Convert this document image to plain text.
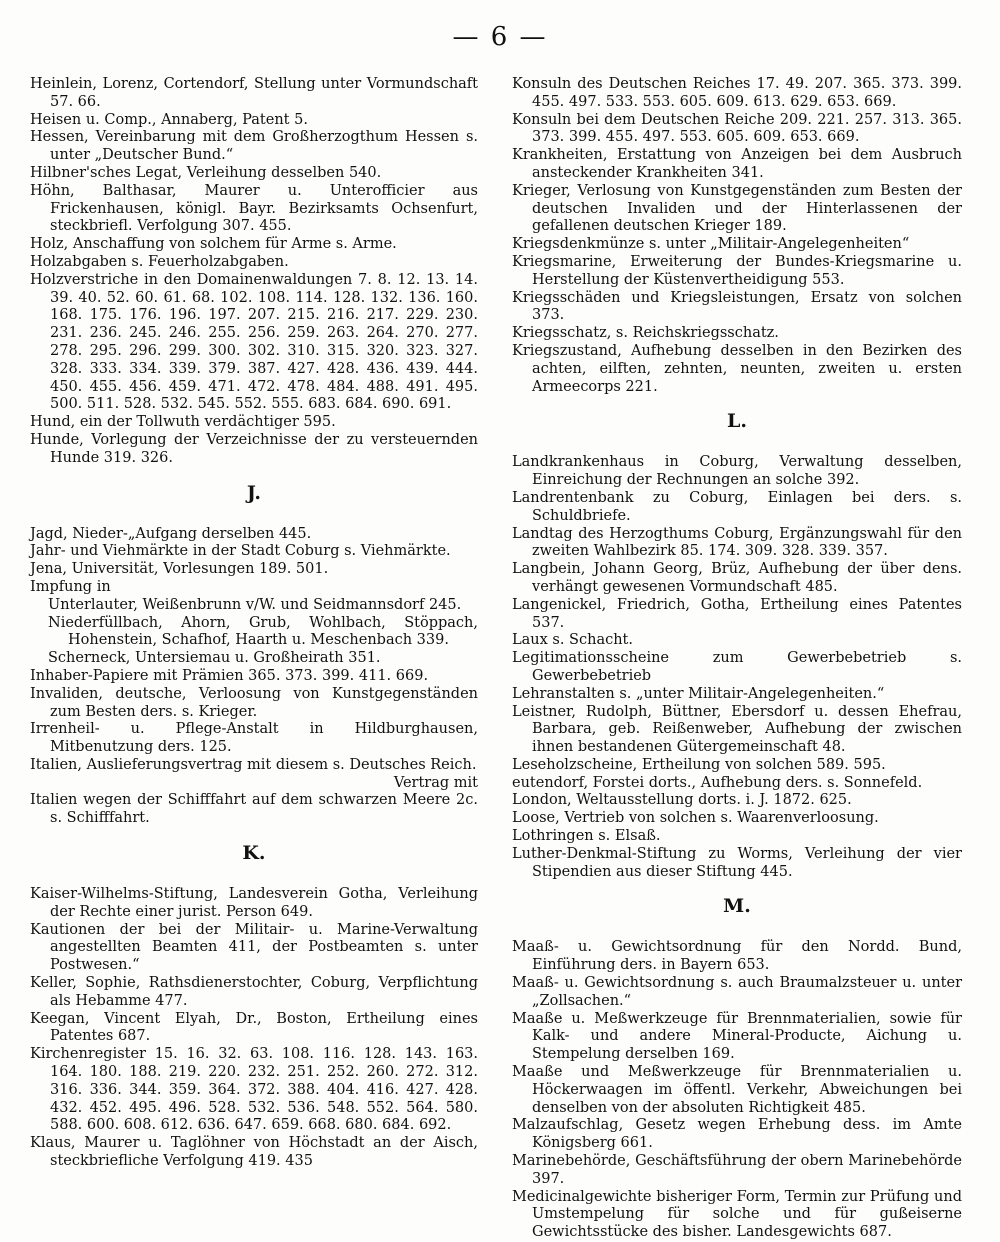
— 6 —

Heinlein, Lorenz, Cortendorf, Stellung unter Vormundschaft 57. 66.

Heisen u. Comp., Annaberg, Patent 5.

Hessen, Vereinbarung mit dem Großherzogthum Hessen s. unter „Deutscher Bund.“

Hilbner'sches Legat, Verleihung desselben 540.

Höhn, Balthasar, Maurer u. Unterofficier aus Frickenhausen, königl. Bayr. Bezirksamts Ochsenfurt, steckbriefl. Verfolgung 307. 455.

Holz, Anschaffung von solchem für Arme s. Arme.

Holzabgaben s. Feuerholzabgaben.

Holzverstriche in den Domainenwaldungen 7. 8. 12. 13. 14. 39. 40. 52. 60. 61. 68. 102. 108. 114. 128. 132. 136. 160. 168. 175. 176. 196. 197. 207. 215. 216. 217. 229. 230. 231. 236. 245. 246. 255. 256. 259. 263. 264. 270. 277. 278. 295. 296. 299. 300. 302. 310. 315. 320. 323. 327. 328. 333. 334. 339. 379. 387. 427. 428. 436. 439. 444. 450. 455. 456. 459. 471. 472. 478. 484. 488. 491. 495. 500. 511. 528. 532. 545. 552. 555. 683. 684. 690. 691.

Hund, ein der Tollwuth verdächtiger 595.

Hunde, Vorlegung der Verzeichnisse der zu versteuernden Hunde 319. 326.

J.

Jagd, Nieder-„Aufgang derselben 445.

Jahr- und Viehmärkte in der Stadt Coburg s. Viehmärkte.

Jena, Universität, Vorlesungen 189. 501.

Impfung in

Unterlauter, Weißenbrunn v/W. und Seidmannsdorf 245.

Niederfüllbach, Ahorn, Grub, Wohlbach, Stöppach, Hohenstein, Schafhof, Haarth u. Meschenbach 339.

Scherneck, Untersiemau u. Großheirath 351.

Inhaber-Papiere mit Prämien 365. 373. 399. 411. 669.

Invaliden, deutsche, Verloosung von Kunstgegenständen zum Besten ders. s. Krieger.

Irrenheil- u. Pflege-Anstalt in Hildburghausen, Mitbenutzung ders. 125.

Italien, Auslieferungsvertrag mit diesem s. Deutsches Reich.

Vertrag mit

Italien wegen der Schifffahrt auf dem schwarzen Meere 2c. s. Schifffahrt.

K.

Kaiser-Wilhelms-Stiftung, Landesverein Gotha, Verleihung der Rechte einer jurist. Person 649.

Kautionen der bei der Militair- u. Marine-Verwaltung angestellten Beamten 411, der Postbeamten s. unter Postwesen.“

Keller, Sophie, Rathsdienerstochter, Coburg, Verpflichtung als Hebamme 477.

Keegan, Vincent Elyah, Dr., Boston, Ertheilung eines Patentes 687.

Kirchenregister 15. 16. 32. 63. 108. 116. 128. 143. 163. 164. 180. 188. 219. 220. 232. 251. 252. 260. 272. 312. 316. 336. 344. 359. 364. 372. 388. 404. 416. 427. 428. 432. 452. 495. 496. 528. 532. 536. 548. 552. 564. 580. 588. 600. 608. 612. 636. 647. 659. 668. 680. 684. 692.

Klaus, Maurer u. Taglöhner von Höchstadt an der Aisch, steckbriefliche Verfolgung 419. 435

Konsuln des Deutschen Reiches 17. 49. 207. 365. 373. 399. 455. 497. 533. 553. 605. 609. 613. 629. 653. 669.

Konsuln bei dem Deutschen Reiche 209. 221. 257. 313. 365. 373. 399. 455. 497. 553. 605. 609. 653. 669.

Krankheiten, Erstattung von Anzeigen bei dem Ausbruch ansteckender Krankheiten 341.

Krieger, Verlosung von Kunstgegenständen zum Besten der deutschen Invaliden und der Hinterlassenen der gefallenen deutschen Krieger 189.

Kriegsdenkmünze s. unter „Militair-Angelegenheiten“

Kriegsmarine, Erweiterung der Bundes-Kriegsmarine u. Herstellung der Küstenvertheidigung 553.

Kriegsschäden und Kriegsleistungen, Ersatz von solchen 373.

Kriegsschatz, s. Reichskriegsschatz.

Kriegszustand, Aufhebung desselben in den Bezirken des achten, eilften, zehnten, neunten, zweiten u. ersten Armeecorps 221.

L.

Landkrankenhaus in Coburg, Verwaltung desselben, Einreichung der Rechnungen an solche 392.

Landrentenbank zu Coburg, Einlagen bei ders. s. Schuldbriefe.

Landtag des Herzogthums Coburg, Ergänzungswahl für den zweiten Wahlbezirk 85. 174. 309. 328. 339. 357.

Langbein, Johann Georg, Brüz, Aufhebung der über dens. verhängt gewesenen Vormundschaft 485.

Langenickel, Friedrich, Gotha, Ertheilung eines Patentes 537.

Laux s. Schacht.

Legitimationsscheine zum Gewerbebetrieb s. Gewerbebetrieb

Lehranstalten s. „unter Militair-Angelegenheiten.“

Leistner, Rudolph, Büttner, Ebersdorf u. dessen Ehefrau, Barbara, geb. Reißenweber, Aufhebung der zwischen ihnen bestandenen Gütergemeinschaft 48.

Leseholzscheine, Ertheilung von solchen 589. 595.

eutendorf, Forstei dorts., Aufhebung ders. s. Sonnefeld.

London, Weltausstellung dorts. i. J. 1872. 625.

Loose, Vertrieb von solchen s. Waarenverloosung.

Lothringen s. Elsaß.

Luther-Denkmal-Stiftung zu Worms, Verleihung der vier Stipendien aus dieser Stiftung 445.

M.

Maaß- u. Gewichtsordnung für den Nordd. Bund, Einführung ders. in Bayern 653.

Maaß- u. Gewichtsordnung s. auch Braumalzsteuer u. unter „Zollsachen.“

Maaße u. Meßwerkzeuge für Brennmaterialien, sowie für Kalk- und andere Mineral-Producte, Aichung u. Stempelung derselben 169.

Maaße und Meßwerkzeuge für Brennmaterialien u. Höckerwaagen im öffentl. Verkehr, Abweichungen bei denselben von der absoluten Richtigkeit 485.

Malzaufschlag, Gesetz wegen Erhebung dess. im Amte Königsberg 661.

Marinebehörde, Geschäftsführung der obern Marinebehörde 397.

Medicinalgewichte bisheriger Form, Termin zur Prüfung und Umstempelung für solche und für gußeiserne Gewichtsstücke des bisher. Landesgewichts 687.
